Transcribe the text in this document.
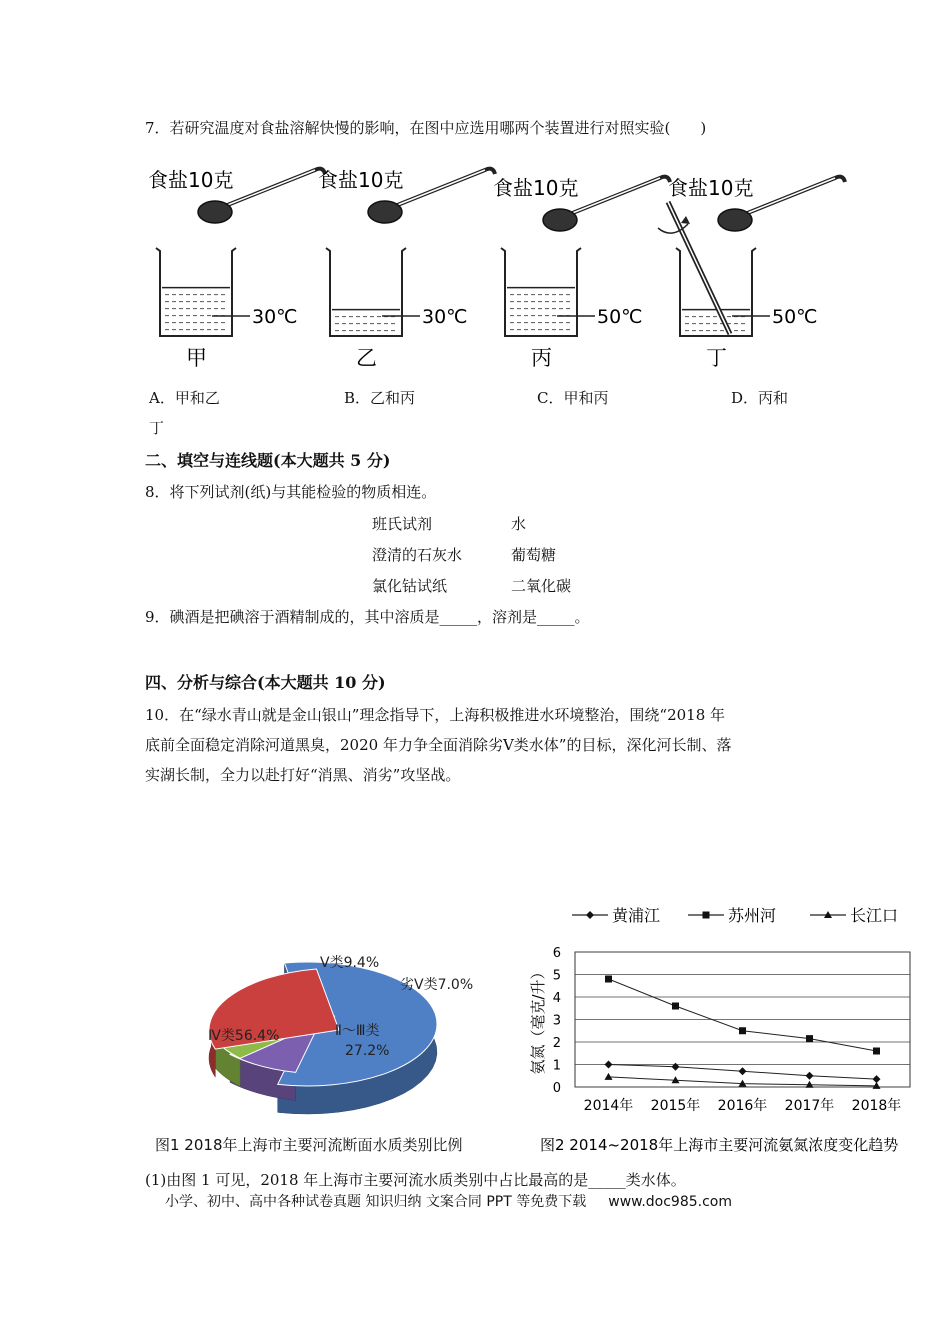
7．若研究温度对食盐溶解快慢的影响，在图中应选用哪两个装置进行对照实验(　　)
食盐10克
30℃
甲
食盐10克
30℃
乙
食盐10克
50℃
丙
食盐10克
50℃
丁
A．甲和乙	B．乙和丙	C．甲和丙	D．丙和
丁
二、填空与连线题(本大题共 5 分)
8．将下列试剂(纸)与其能检验的物质相连。
班氏试剂
澄清的石灰水
氯化钴试纸
水
葡萄糖
二氧化碳
9．碘酒是把碘溶于酒精制成的，其中溶质是_____，溶剂是_____。
四、分析与综合(本大题共 10 分)
10．在“绿水青山就是金山银山”理念指导下，上海积极推进水环境整治，围绕“2018 年
底前全面稳定消除河道黑臭，2020 年力争全面消除劣Ⅴ类水体”的目标，深化河长制、落
实湖长制，全力以赴打好“消黑、消劣”攻坚战。
Ⅳ类56.4%
Ⅴ类9.4%
劣Ⅴ类7.0%
Ⅱ～Ⅲ类
27.2%
图1 2018年上海市主要河流断面水质类别比例
0
1
2
3
4
5
6
2014年 2015年 2016年 2017年 2018年
氨氮（毫克/升）
黄浦江	苏州河	长江口
图2 2014~2018年上海市主要河流氨氮浓度变化趋势
(1)由图 1 可见，2018 年上海市主要河流水质类别中占比最高的是_____类水体。
小学、初中、高中各种试卷真题 知识归纳 文案合同 PPT 等免费下载 www.doc985.com
